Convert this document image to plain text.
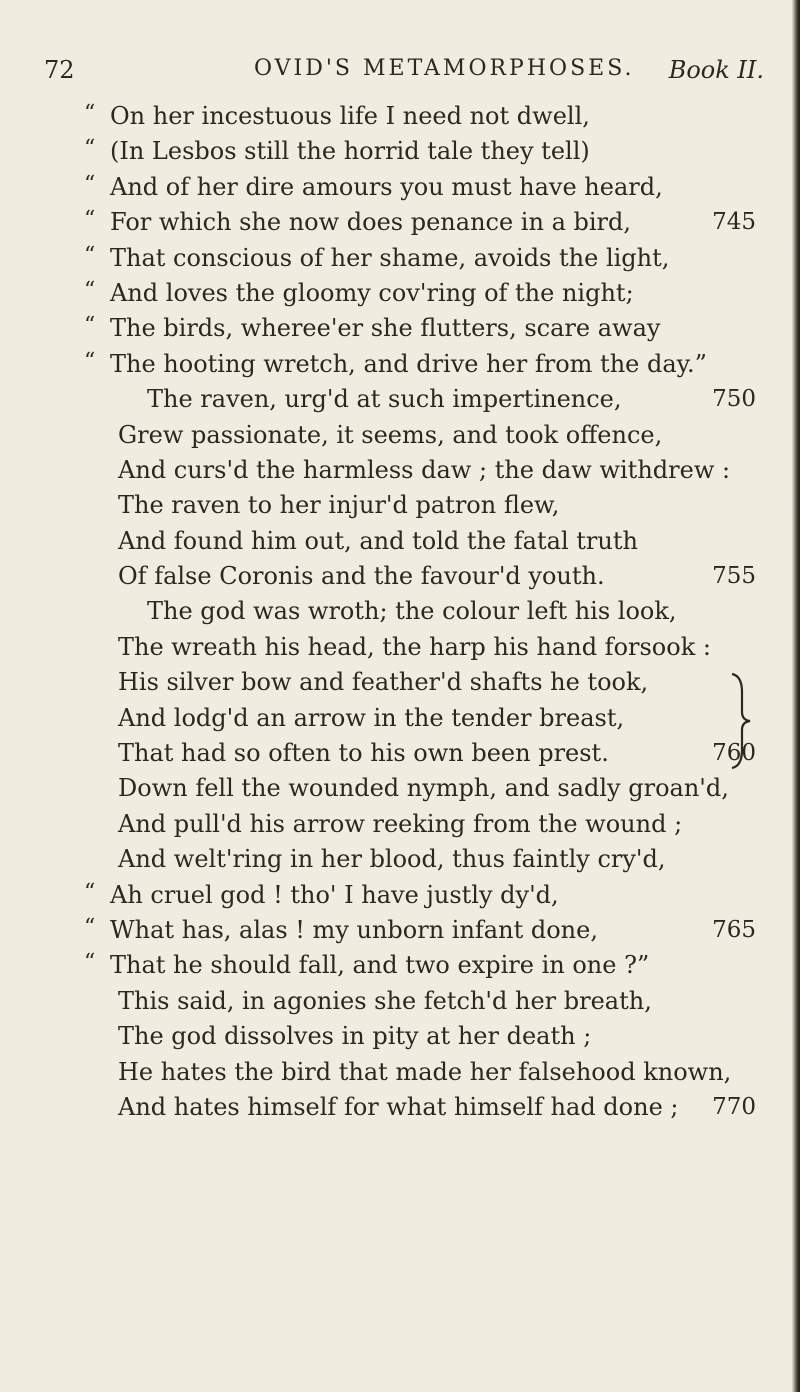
72	OVID'S METAMORPHOSES. Book II.
“ On her incestuous life I need not dwell,
“ (In Lesbos still the horrid tale they tell)
“ And of her dire amours you must have heard,
“ For which she now does penance in a bird,	745
“ That conscious of her shame, avoids the light,
“ And loves the gloomy cov'ring of the night;
“ The birds, wheree'er she flutters, scare away
“ The hooting wretch, and drive her from the day.”
The raven, urg'd at such impertinence,	750
Grew passionate, it seems, and took offence,
And curs'd the harmless daw ; the daw withdrew :
The raven to her injur'd patron flew,
And found him out, and told the fatal truth
Of false Coronis and the favour'd youth.	755
The god was wroth; the colour left his look,
The wreath his head, the harp his hand forsook :
His silver bow and feather'd shafts he took,
And lodg'd an arrow in the tender breast,
That had so often to his own been prest.	760
Down fell the wounded nymph, and sadly groan'd,
And pull'd his arrow reeking from the wound ;
And welt'ring in her blood, thus faintly cry'd,
“ Ah cruel god ! tho' I have justly dy'd,
“ What has, alas ! my unborn infant done,	765
“ That he should fall, and two expire in one ?”
This said, in agonies she fetch'd her breath,
The god dissolves in pity at her death ;
He hates the bird that made her falsehood known,
And hates himself for what himself had done ; 770
